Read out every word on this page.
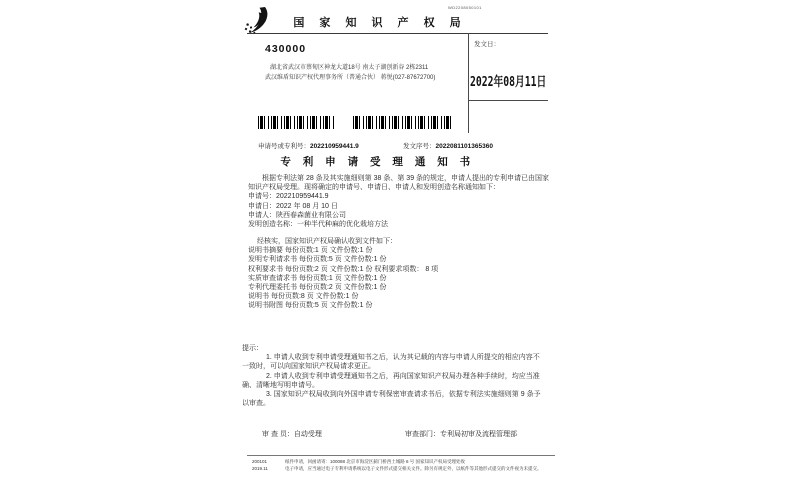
国 家 知 识 产 权 局
WD2208050101
430000
湖北省武汉市蔡甸区神龙大道18号 南太子湖创新谷 2栋2311
武汉维盾知识产权代理事务所（普通合伙） 蒋悦(027-87672700)
发文日：
2022年08月11日
申请号或专利号：202210959441.9	发文序号：2022081101365360
专 利 申 请 受 理 通 知 书

根据专利法第 28 条及其实施细则第 38 条、第 39 条的规定，申请人提出的专利申请已由国家知识产权局受理。现将确定的申请号、申请日、申请人和发明创造名称通知如下：

申请号：202210959441.9

申请日：2022 年 08 月 10 日

申请人：陕西春森菌业有限公司

发明创造名称：一种半代种麻的优化栽培方法

经核实，国家知识产权局确认收到文件如下：

说明书摘要 每份页数:1 页 文件份数:1 份

发明专利请求书 每份页数:5 页 文件份数:1 份

权利要求书 每份页数:2 页 文件份数:1 份 权利要求项数： 8 项

实质审查请求书 每份页数:1 页 文件份数:1 份

专利代理委托书 每份页数:2 页 文件份数:1 份

说明书 每份页数:8 页 文件份数:1 份

说明书附图 每份页数:5 页 文件份数:1 份

提示：

1. 申请人收到专利申请受理通知书之后，认为其记载的内容与申请人所提交的相应内容不一致时，可以向国家知识产权局请求更正。

2. 申请人收到专利申请受理通知书之后，再向国家知识产权局办理各种手续时，均应当准确、清晰地写明申请号。

3. 国家知识产权局收到向外国申请专利保密审查请求书后，依据专利法实施细则第 9 条予以审查。

审 查 员：自动受理	审查部门：专利局初审及流程管理部
200101	纸件申请，回函请寄：100088 北京市海淀区蓟门桥西土城路 6 号 国家知识产权局受理处收
2019.11	电子申请，应当通过电子专利申请系统以电子文件形式提交相关文件。除另有规定外，以纸件等其他形式提交的文件视为未提交。
